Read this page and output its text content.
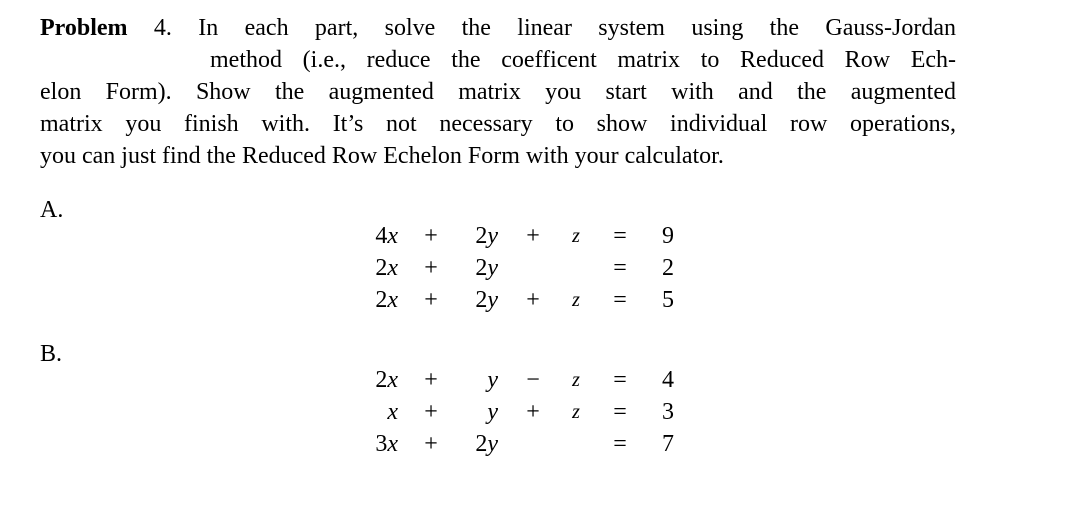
Problem 4. In each part, solve the linear system using the Gauss-Jordan
method (i.e., reduce the coefficent matrix to Reduced Row Ech-
elon Form). Show the augmented matrix you start with and the augmented
matrix you finish with. It’s not necessary to show individual row operations,
you can just find the Reduced Row Echelon Form with your calculator.
A.
4x +	2y +	z	=	9
2x +	2y	=	2
2x +	2y +	z	=	5
B.
2x +	y −	z	=	4
x +	y +	z	=	3
3x +	2y	=	7
